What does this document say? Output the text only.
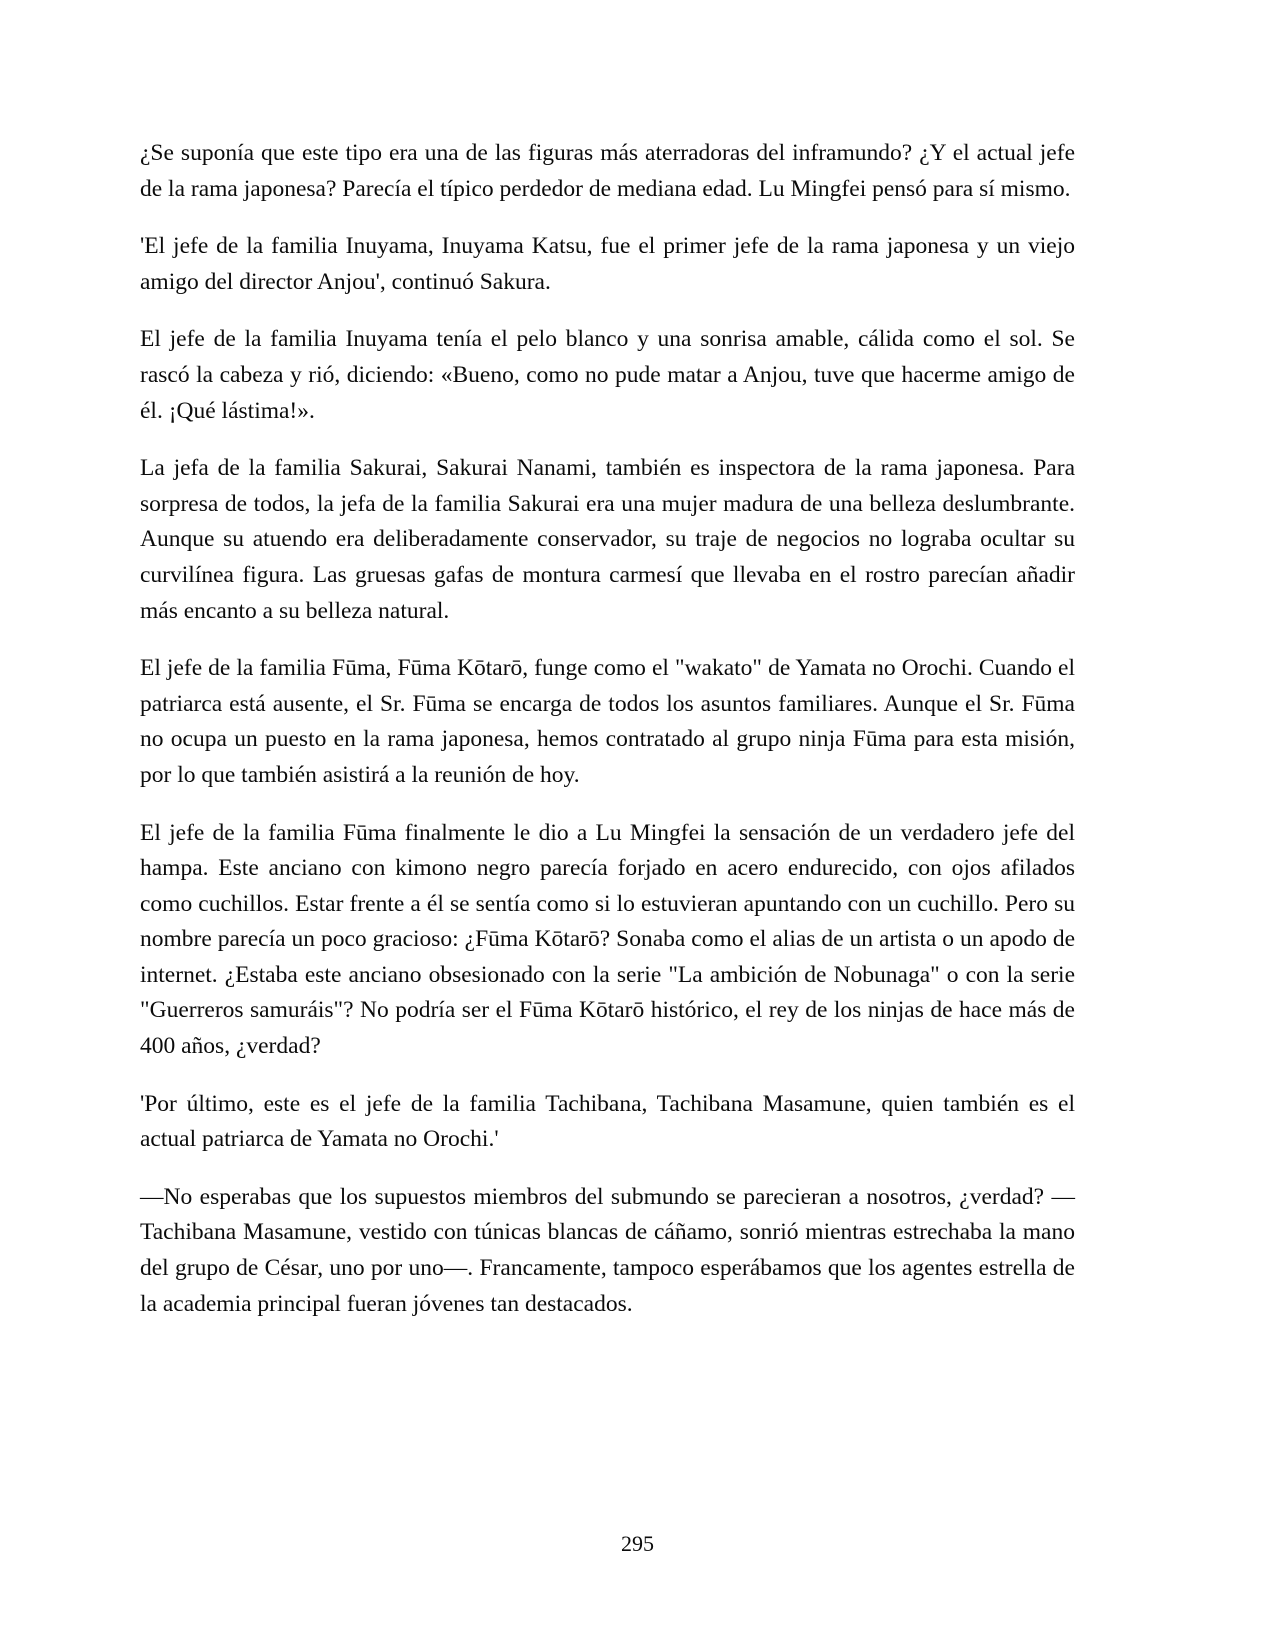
¿Se suponía que este tipo era una de las figuras más aterradoras del inframundo? ¿Y el actual jefe de la rama japonesa? Parecía el típico perdedor de mediana edad. Lu Mingfei pensó para sí mismo.

'El jefe de la familia Inuyama, Inuyama Katsu, fue el primer jefe de la rama japonesa y un viejo amigo del director Anjou', continuó Sakura.

El jefe de la familia Inuyama tenía el pelo blanco y una sonrisa amable, cálida como el sol. Se rascó la cabeza y rió, diciendo: «Bueno, como no pude matar a Anjou, tuve que hacerme amigo de él. ¡Qué lástima!».

La jefa de la familia Sakurai, Sakurai Nanami, también es inspectora de la rama japonesa. Para sorpresa de todos, la jefa de la familia Sakurai era una mujer madura de una belleza deslumbrante. Aunque su atuendo era deliberadamente conservador, su traje de negocios no lograba ocultar su curvilínea figura. Las gruesas gafas de montura carmesí que llevaba en el rostro parecían añadir más encanto a su belleza natural.

El jefe de la familia Fūma, Fūma Kōtarō, funge como el "wakato" de Yamata no Orochi. Cuando el patriarca está ausente, el Sr. Fūma se encarga de todos los asuntos familiares. Aunque el Sr. Fūma no ocupa un puesto en la rama japonesa, hemos contratado al grupo ninja Fūma para esta misión, por lo que también asistirá a la reunión de hoy.

El jefe de la familia Fūma finalmente le dio a Lu Mingfei la sensación de un verdadero jefe del hampa. Este anciano con kimono negro parecía forjado en acero endurecido, con ojos afilados como cuchillos. Estar frente a él se sentía como si lo estuvieran apuntando con un cuchillo. Pero su nombre parecía un poco gracioso: ¿Fūma Kōtarō? Sonaba como el alias de un artista o un apodo de internet. ¿Estaba este anciano obsesionado con la serie "La ambición de Nobunaga" o con la serie "Guerreros samuráis"? No podría ser el Fūma Kōtarō histórico, el rey de los ninjas de hace más de 400 años, ¿verdad?

'Por último, este es el jefe de la familia Tachibana, Tachibana Masamune, quien también es el actual patriarca de Yamata no Orochi.'

—No esperabas que los supuestos miembros del submundo se parecieran a nosotros, ¿verdad? —Tachibana Masamune, vestido con túnicas blancas de cáñamo, sonrió mientras estrechaba la mano del grupo de César, uno por uno—. Francamente, tampoco esperábamos que los agentes estrella de la academia principal fueran jóvenes tan destacados.

295
